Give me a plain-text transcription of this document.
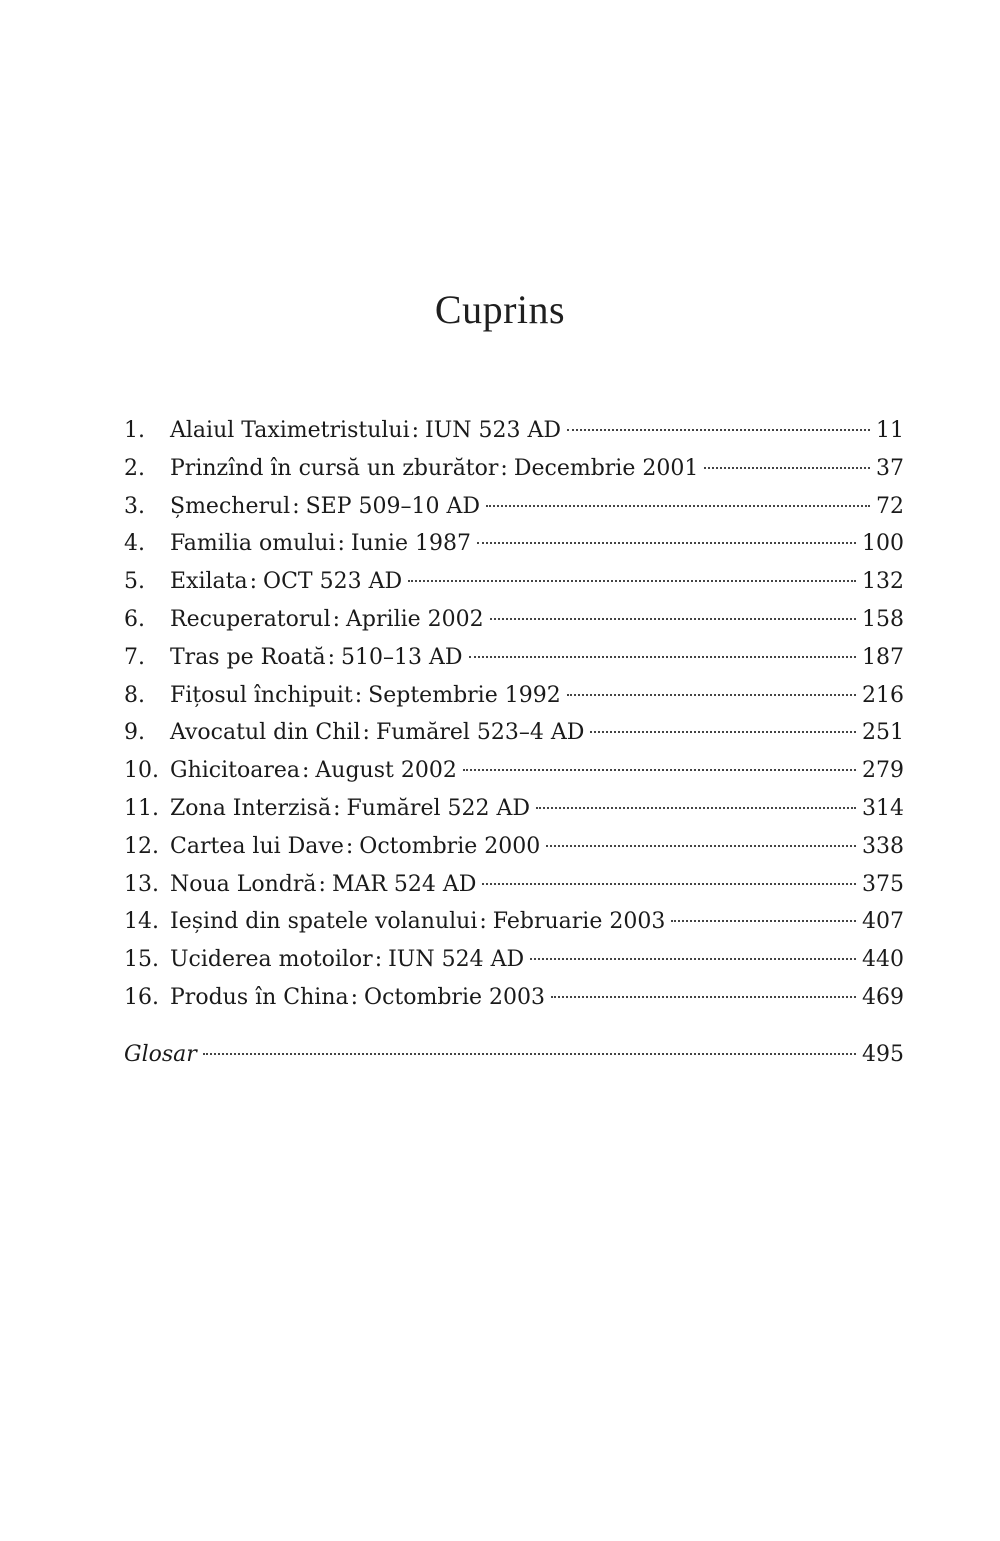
Cuprins
1.	Alaiul Taximetristului : IUN 523 AD	11
2.	Prinzînd în cursă un zburător : Decembrie 2001	37
3.	Șmecherul : SEP 509–10 AD	72
4.	Familia omului : Iunie 1987	100
5.	Exilata : OCT 523 AD	132
6.	Recuperatorul : Aprilie 2002	158
7.	Tras pe Roată : 510–13 AD	187
8.	Fițosul închipuit : Septembrie 1992	216
9.	Avocatul din Chil : Fumărel 523–4 AD	251
10. Ghicitoarea : August 2002	279
11. Zona Interzisă : Fumărel 522 AD	314
12. Cartea lui Dave : Octombrie 2000	338
13. Noua Londră : MAR 524 AD	375
14. Ieșind din spatele volanului : Februarie 2003	407
15. Uciderea motoilor : IUN 524 AD	440
16. Produs în China : Octombrie 2003	469
Glosar	495
